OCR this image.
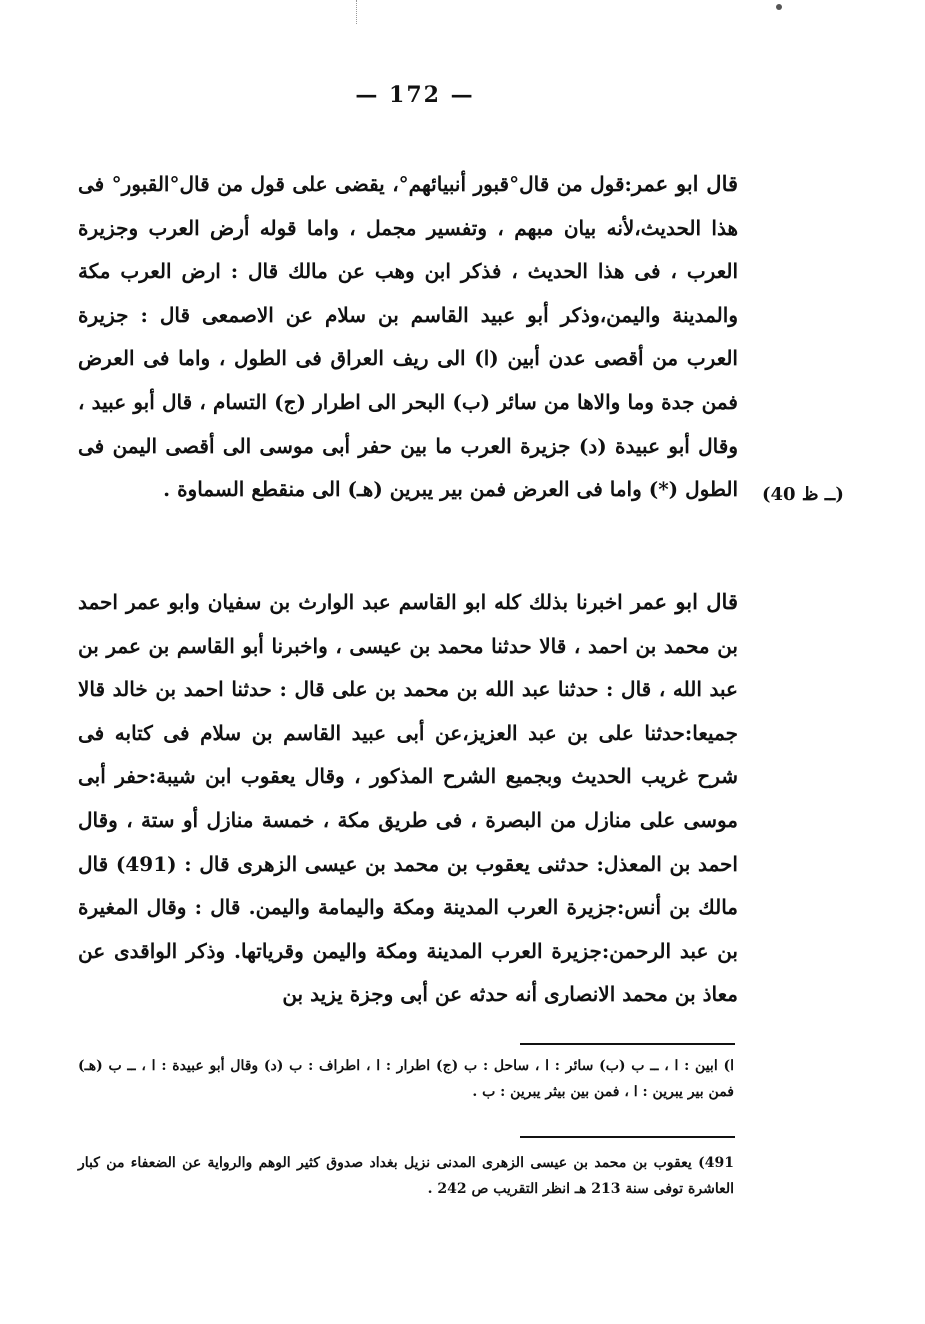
— 172 —

قال ابو عمر:قول من قال°قبور أنبيائهم°، يقضى على قول من قال°القبور° فى هذا الحديث،لأنه بيان مبهم ، وتفسير مجمل ، واما قوله أرض العرب وجزيرة العرب ، فى هذا الحديث ، فذكر ابن وهب عن مالك قال : ارض العرب مكة والمدينة واليمن،وذكر أبو عبيد القاسم بن سلام عن الاصمعى قال : جزيرة العرب من أقصى عدن أبين (ا) الى ريف العراق فى الطول ، واما فى العرض فمن جدة وما والاها من سائر (ب) البحر الى اطرار (ج) التسام ، قال أبو عبيد ، وقال أبو عبيدة (د) جزيرة العرب ما بين حفر أبى موسى الى أقصى اليمن فى الطول (*) واما فى العرض فمن بير يبرين (هـ) الى منقطع السماوة . (40 ــ ظ)

قال ابو عمر اخبرنا بذلك كله ابو القاسم عبد الوارث بن سفيان وابو عمر احمد بن محمد بن احمد ، قالا حدثنا محمد بن عيسى ، واخبرنا أبو القاسم بن عمر بن عبد الله ، قال : حدثنا عبد الله بن محمد بن على قال : حدثنا احمد بن خالد قالا جميعا:حدثنا على بن عبد العزيز،عن أبى عبيد القاسم بن سلام فى كتابه فى شرح غريب الحديث وبجميع الشرح المذكور ، وقال يعقوب ابن شيبة:حفر أبى موسى على منازل من البصرة ، فى طريق مكة ، خمسة منازل أو ستة ، وقال احمد بن المعذل: حدثنى يعقوب بن محمد بن عيسى الزهرى قال : (491) قال مالك بن أنس:جزيرة العرب المدينة ومكة واليمامة واليمن. قال : وقال المغيرة بن عبد الرحمن:جزيرة العرب المدينة ومكة واليمن وقرياتها. وذكر الواقدى عن معاذ بن محمد الانصارى أنه حدثه عن أبى وجزة يزيد بن

ا) ابين : ا ، ــ ب (ب) سائر : ا ، ساحل : ب (ج) اطرار : ا ، اطراف : ب (د) وقال أبو عبيدة : ا ، ــ ب (هـ) فمن بير يبرين : ا ، فمن بين بيثر يبرين : ب .

491) يعقوب بن محمد بن عيسى الزهرى المدنى نزيل بغداد صدوق كثير الوهم والرواية عن الضعفاء من كبار العاشرة توفى سنة 213 هـ انظر التقريب ص 242 .
